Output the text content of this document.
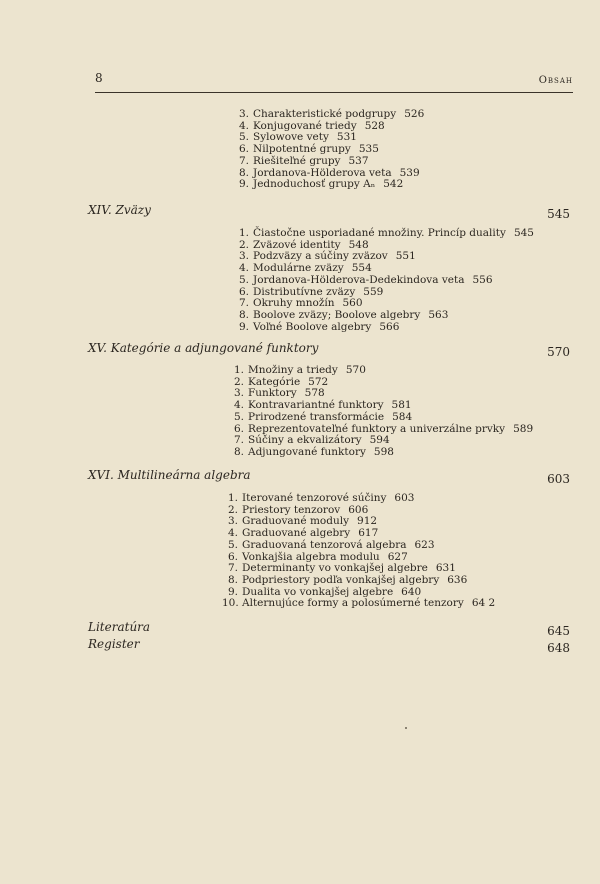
8	Obsah
3. Charakteristické podgrupy 526
4. Konjugované triedy 528
5. Sylowove vety 531
6. Nilpotentné grupy 535
7. Riešiteľné grupy 537
8. Jordanova-Hölderova veta 539
9. Jednoduchosť grupy Aₙ 542
XIV. Zväzy	545
1. Čiastočne usporiadané množiny. Princíp duality 545
2. Zväzové identity 548
3. Podzväzy a súčiny zväzov 551
4. Modulárne zväzy 554
5. Jordanova-Hölderova-Dedekindova veta 556
6. Distributívne zväzy 559
7. Okruhy množín 560
8. Boolove zväzy; Boolove algebry 563
9. Voľné Boolove algebry 566
XV. Kategórie a adjungované funktory	570
1. Množiny a triedy 570
2. Kategórie 572
3. Funktory 578
4. Kontravariantné funktory 581
5. Prirodzené transformácie 584
6. Reprezentovateľné funktory a univerzálne prvky 589
7. Súčiny a ekvalizátory 594
8. Adjungované funktory 598
XVI. Multilineárna algebra	603
1. Iterované tenzorové súčiny 603
2. Priestory tenzorov 606
3. Graduované moduly 912
4. Graduované algebry 617
5. Graduovaná tenzorová algebra 623
6. Vonkajšia algebra modulu 627
7. Determinanty vo vonkajšej algebre 631
8. Podpriestory podľa vonkajšej algebry 636
9. Dualita vo vonkajšej algebre 640
10. Alternujúce formy a polosúmerné tenzory 64 2
Literatúra	645
Register	648
